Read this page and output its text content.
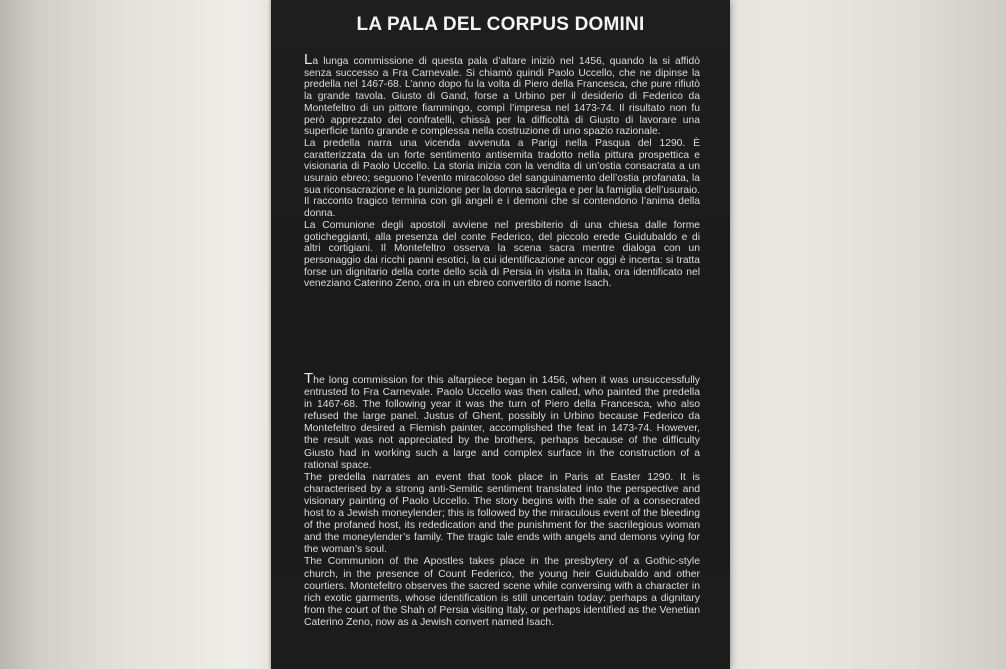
LA PALA DEL CORPUS DOMINI

La lunga commissione di questa pala d’altare iniziò nel 1456, quando la si affidò senza successo a Fra Carnevale. Si chiamò quindi Paolo Uccello, che ne dipinse la predella nel 1467-68. L’anno dopo fu la volta di Piero della Francesca, che pure rifiutò la grande tavola. Giusto di Gand, forse a Urbino per il desiderio di Federico da Montefeltro di un pittore fiammingo, compì l’impresa nel 1473-74. Il risultato non fu però apprezzato dei confratelli, chissà per la difficoltà di Giusto di lavorare una superficie tanto grande e complessa nella costruzione di uno spazio razionale.

La predella narra una vicenda avvenuta a Parigi nella Pasqua del 1290. È caratterizzata da un forte sentimento antisemita tradotto nella pittura prospettica e visionaria di Paolo Uccello. La storia inizia con la vendita di un’ostia consacrata a un usuraio ebreo; seguono l’evento miracoloso del sanguinamento dell’ostia profanata, la sua riconsacrazione e la punizione per la donna sacrilega e per la famiglia dell’usuraio. Il racconto tragico termina con gli angeli e i demoni che si contendono l’anima della donna.

La Comunione degli apostoli avviene nel presbiterio di una chiesa dalle forme goticheggianti, alla presenza del conte Federico, del piccolo erede Guidubaldo e di altri cortigiani. Il Montefeltro osserva la scena sacra mentre dialoga con un personaggio dai ricchi panni esotici, la cui identificazione ancor oggi è incerta: si tratta forse un dignitario della corte dello scià di Persia in visita in Italia, ora identificato nel veneziano Caterino Zeno, ora in un ebreo convertito di nome Isach.

The long commission for this altarpiece began in 1456, when it was unsuccessfully entrusted to Fra Carnevale. Paolo Uccello was then called, who painted the predella in 1467-68. The following year it was the turn of Piero della Francesca, who also refused the large panel. Justus of Ghent, possibly in Urbino because Federico da Montefeltro desired a Flemish painter, accomplished the feat in 1473-74. However, the result was not appreciated by the brothers, perhaps because of the difficulty Giusto had in working such a large and complex surface in the construction of a rational space.

The predella narrates an event that took place in Paris at Easter 1290. It is characterised by a strong anti-Semitic sentiment translated into the perspective and visionary painting of Paolo Uccello. The story begins with the sale of a consecrated host to a Jewish moneylender; this is followed by the miraculous event of the bleeding of the profaned host, its rededication and the punishment for the sacrilegious woman and the moneylender’s family. The tragic tale ends with angels and demons vying for the woman’s soul.

The Communion of the Apostles takes place in the presbytery of a Gothic-style church, in the presence of Count Federico, the young heir Guidubaldo and other courtiers. Montefeltro observes the sacred scene while conversing with a character in rich exotic garments, whose identification is still uncertain today: perhaps a dignitary from the court of the Shah of Persia visiting Italy, or perhaps identified as the Venetian Caterino Zeno, now as a Jewish convert named Isach.
